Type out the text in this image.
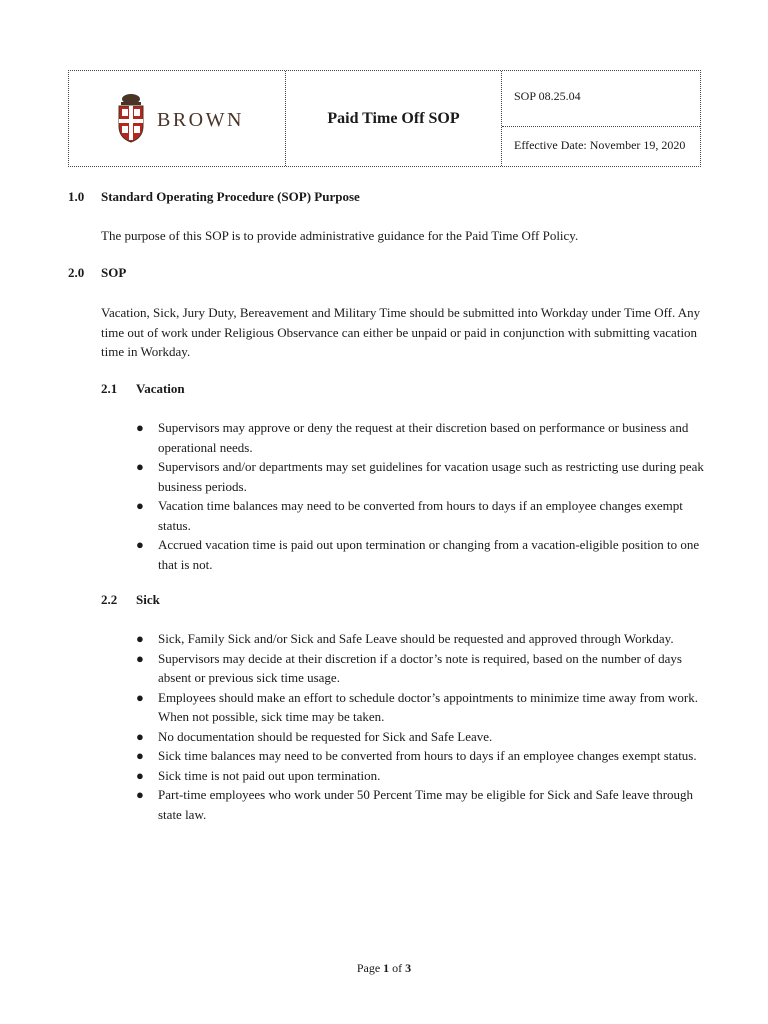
BROWN	Paid Time Off SOP
SOP 08.25.04
Effective Date: November 19, 2020
1.0 Standard Operating Procedure (SOP) Purpose
The purpose of this SOP is to provide administrative guidance for the Paid Time Off Policy.
2.0 SOP
Vacation, Sick, Jury Duty, Bereavement and Military Time should be submitted into Workday under Time Off. Any time out of work under Religious Observance can either be unpaid or paid in conjunction with submitting vacation time in Workday.
2.1 Vacation
● Supervisors may approve or deny the request at their discretion based on performance or business and operational needs.
● Supervisors and/or departments may set guidelines for vacation usage such as restricting use during peak business periods.
● Vacation time balances may need to be converted from hours to days if an employee changes exempt status.
● Accrued vacation time is paid out upon termination or changing from a vacation-eligible position to one that is not.
2.2 Sick
● Sick, Family Sick and/or Sick and Safe Leave should be requested and approved through Workday.
● Supervisors may decide at their discretion if a doctor’s note is required, based on the number of days absent or previous sick time usage.
● Employees should make an effort to schedule doctor’s appointments to minimize time away from work. When not possible, sick time may be taken.
● No documentation should be requested for Sick and Safe Leave.
● Sick time balances may need to be converted from hours to days if an employee changes exempt status.
● Sick time is not paid out upon termination.
● Part-time employees who work under 50 Percent Time may be eligible for Sick and Safe leave through state law.
Page 1 of 3
